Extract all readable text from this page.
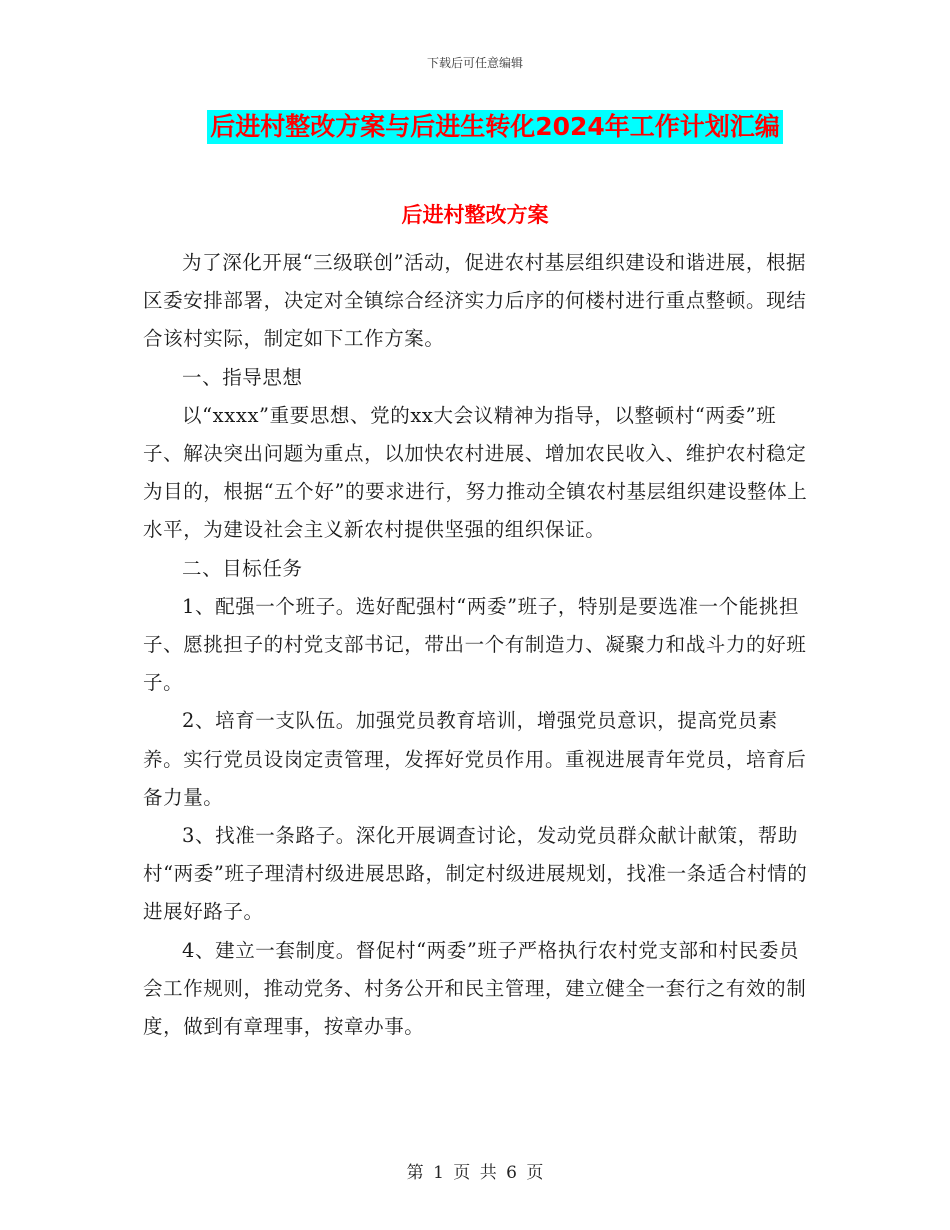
下载后可任意编辑
后进村整改方案与后进生转化2024年工作计划汇编
后进村整改方案

为了深化开展“三级联创”活动，促进农村基层组织建设和谐进展，根据区委安排部署，决定对全镇综合经济实力后序的何楼村进行重点整顿。现结合该村实际，制定如下工作方案。

一、指导思想

以“xxxx”重要思想、党的xx大会议精神为指导，以整顿村“两委”班子、解决突出问题为重点，以加快农村进展、增加农民收入、维护农村稳定为目的，根据“五个好”的要求进行，努力推动全镇农村基层组织建设整体上水平，为建设社会主义新农村提供坚强的组织保证。

二、目标任务

1、配强一个班子。选好配强村“两委”班子，特别是要选准一个能挑担子、愿挑担子的村党支部书记，带出一个有制造力、凝聚力和战斗力的好班子。

2、培育一支队伍。加强党员教育培训，增强党员意识，提高党员素养。实行党员设岗定责管理，发挥好党员作用。重视进展青年党员，培育后备力量。

3、找准一条路子。深化开展调查讨论，发动党员群众献计献策，帮助村“两委”班子理清村级进展思路，制定村级进展规划，找准一条适合村情的进展好路子。

4、建立一套制度。督促村“两委”班子严格执行农村党支部和村民委员会工作规则，推动党务、村务公开和民主管理，建立健全一套行之有效的制度，做到有章理事，按章办事。

第 1 页 共 6 页
